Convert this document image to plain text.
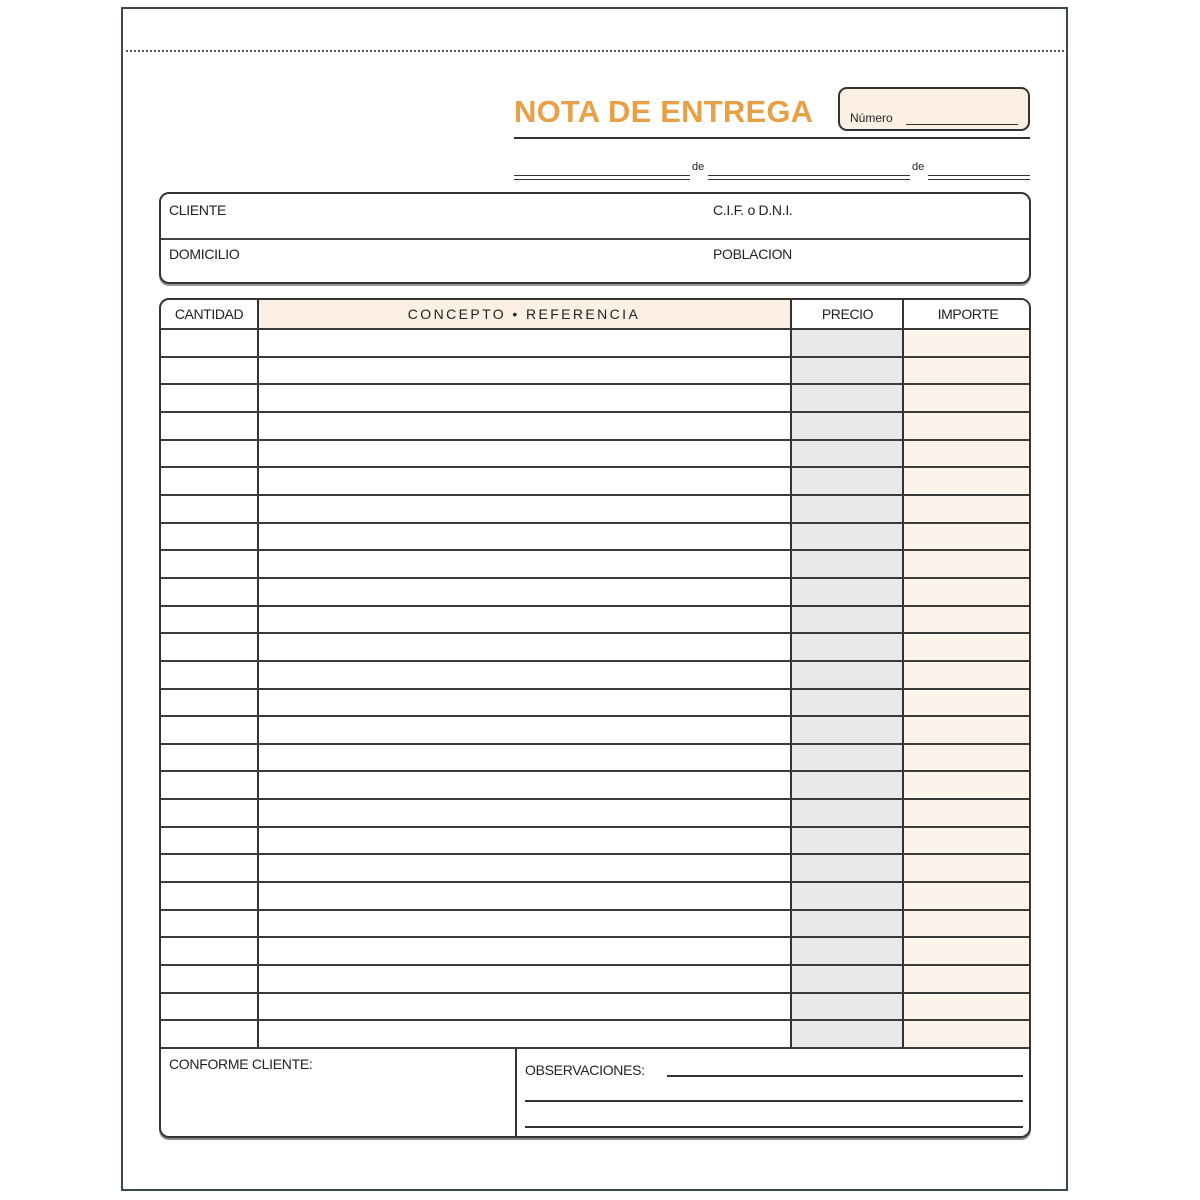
NOTA DE ENTREGA	Número
de	de
CLIENTE	C.I.F. o D.N.I.
DOMICILIO	POBLACION
CANTIDAD	CONCEPTO • REFERENCIA	PRECIO	IMPORTE
CONFORME CLIENTE:	OBSERVACIONES:
